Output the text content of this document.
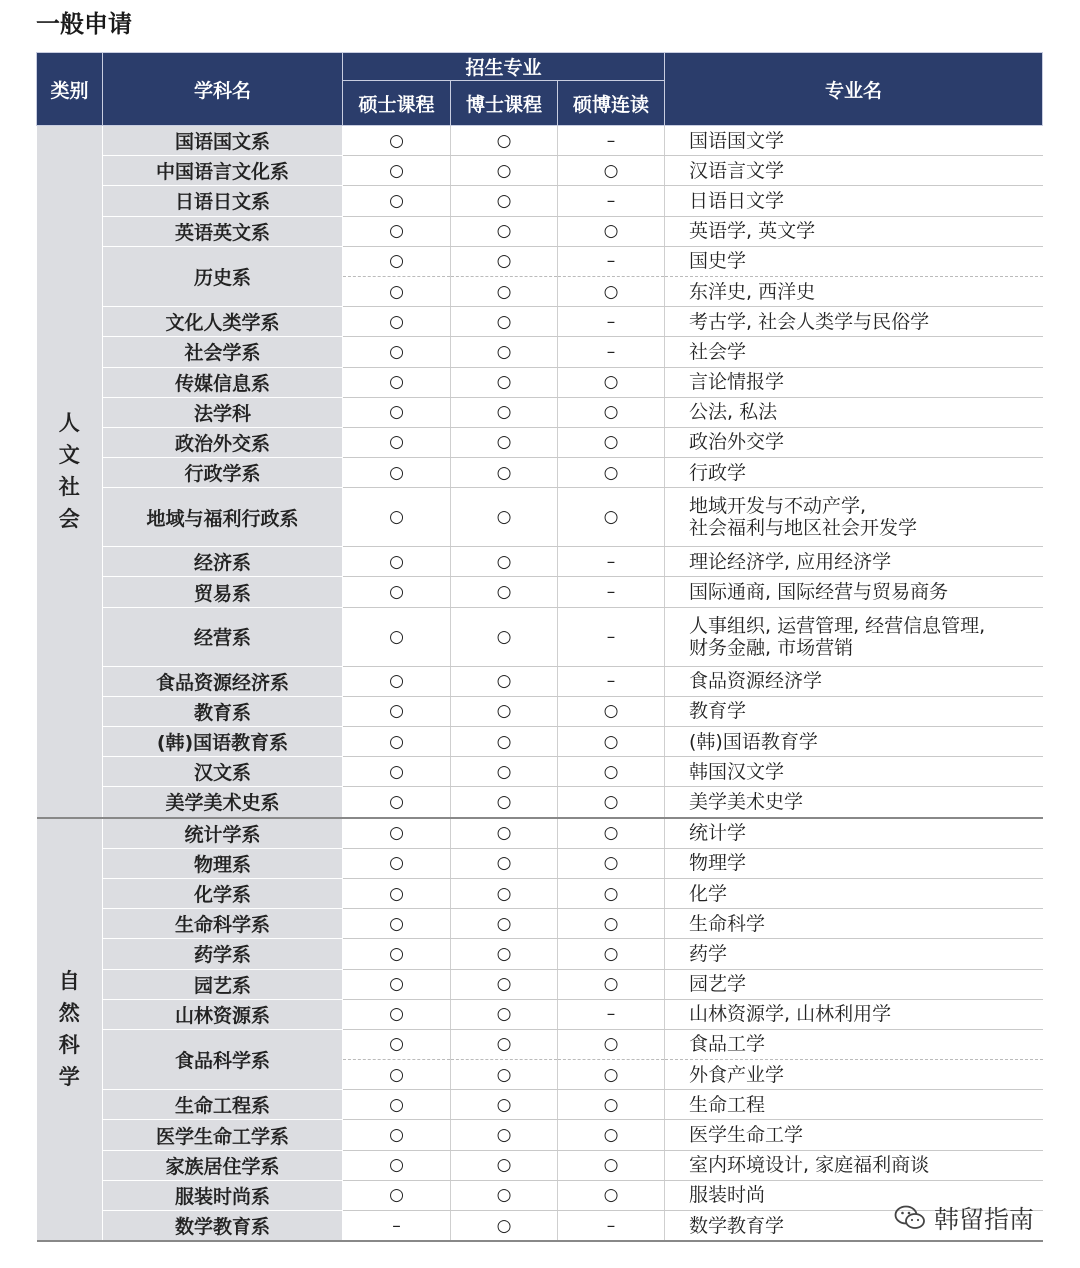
一般申请
类别	学科名	招生专业			专业名
		硕士课程	博士课程	硕博连读	
人文社会	国语国文系	○	○	–	国语国文学
	中国语言文化系	○	○	○	汉语言文学
	日语日文系	○	○	–	日语日文学
	英语英文系	○	○	○	英语学, 英文学
	历史系	○	○	–	国史学
		○	○	○	东洋史, 西洋史
	文化人类学系	○	○	–	考古学, 社会人类学与民俗学
	社会学系	○	○	–	社会学
	传媒信息系	○	○	○	言论情报学
	法学科	○	○	○	公法, 私法
	政治外交系	○	○	○	政治外交学
	行政学系	○	○	○	行政学
	地域与福利行政系	○	○	○	地域开发与不动产学,
社会福利与地区社会开发学
	经济系	○	○	–	理论经济学, 应用经济学
	贸易系	○	○	–	国际通商, 国际经营与贸易商务
	经营系	○	○	–	人事组织, 运营管理, 经营信息管理,
财务金融, 市场营销
	食品资源经济系	○	○	–	食品资源经济学
	教育系	○	○	○	教育学
	(韩)国语教育系	○	○	○	(韩)国语教育学
	汉文系	○	○	○	韩国汉文学
	美学美术史系	○	○	○	美学美术史学
自然科学	统计学系	○	○	○	统计学
	物理系	○	○	○	物理学
	化学系	○	○	○	化学
	生命科学系	○	○	○	生命科学
	药学系	○	○	○	药学
	园艺系	○	○	○	园艺学
	山林资源系	○	○	–	山林资源学, 山林利用学
	食品科学系	○	○	○	食品工学
		○	○	○	外食产业学
	生命工程系	○	○	○	生命工程
	医学生命工学系	○	○	○	医学生命工学
	家族居住学系	○	○	○	室内环境设计, 家庭福利商谈
	服装时尚系	○	○	○	服装时尚
	数学教育系	–	○	–	数学教育学	韩留指南
